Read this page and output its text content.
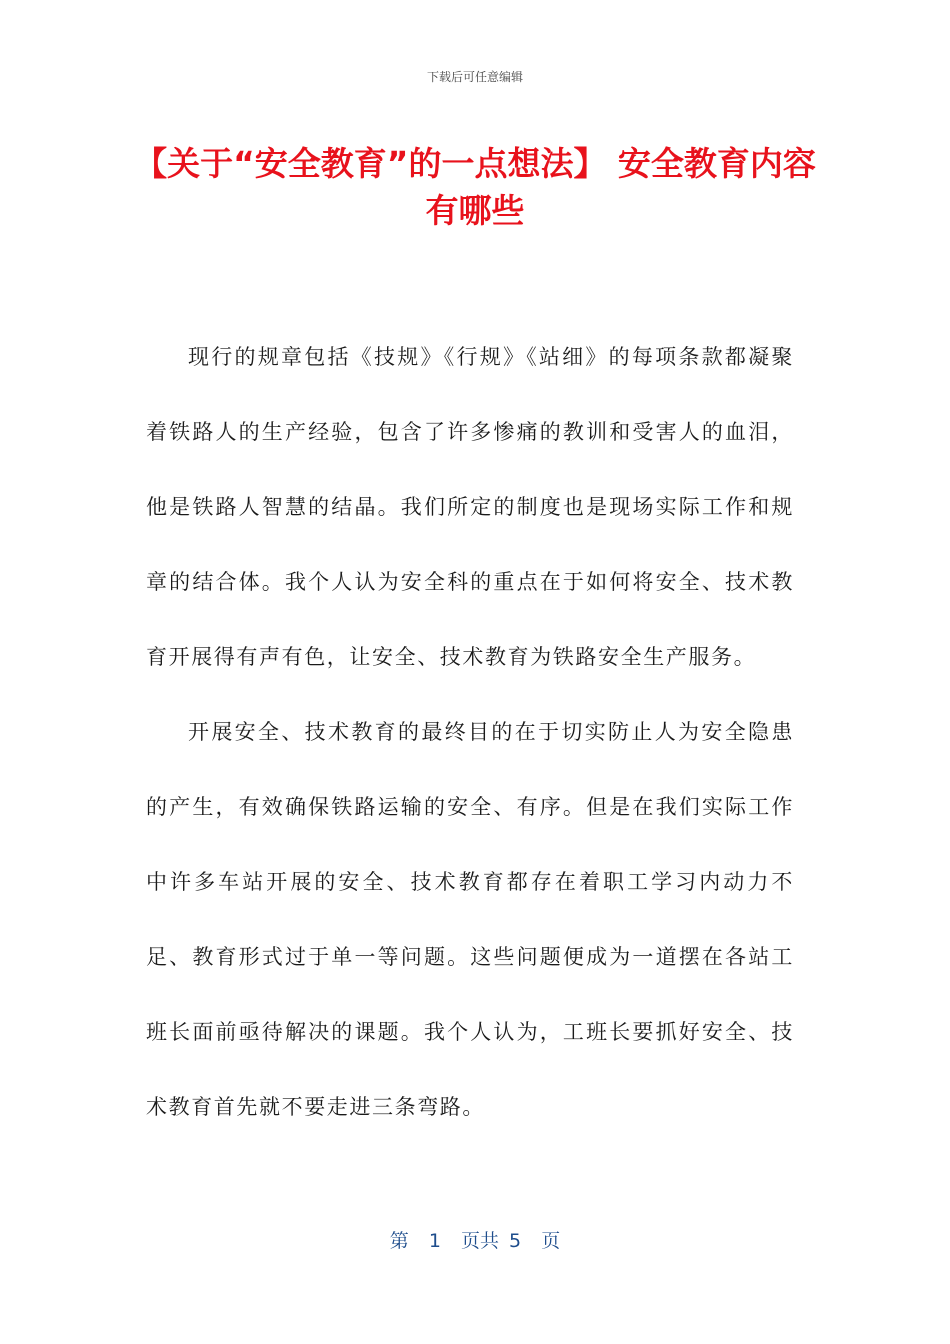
下载后可任意编辑
【关于“安全教育”的一点想法】 安全教育内容有哪些

现行的规章包括《技规》《行规》《站细》的每项条款都凝聚着铁路人的生产经验，包含了许多惨痛的教训和受害人的血泪，他是铁路人智慧的结晶。我们所定的制度也是现场实际工作和规章的结合体。我个人认为安全科的重点在于如何将安全、技术教育开展得有声有色，让安全、技术教育为铁路安全生产服务。

开展安全、技术教育的最终目的在于切实防止人为安全隐患的产生，有效确保铁路运输的安全、有序。但是在我们实际工作中许多车站开展的安全、技术教育都存在着职工学习内动力不足、教育形式过于单一等问题。这些问题便成为一道摆在各站工班长面前亟待解决的课题。我个人认为，工班长要抓好安全、技术教育首先就不要走进三条弯路。

第  1  页共 5  页
